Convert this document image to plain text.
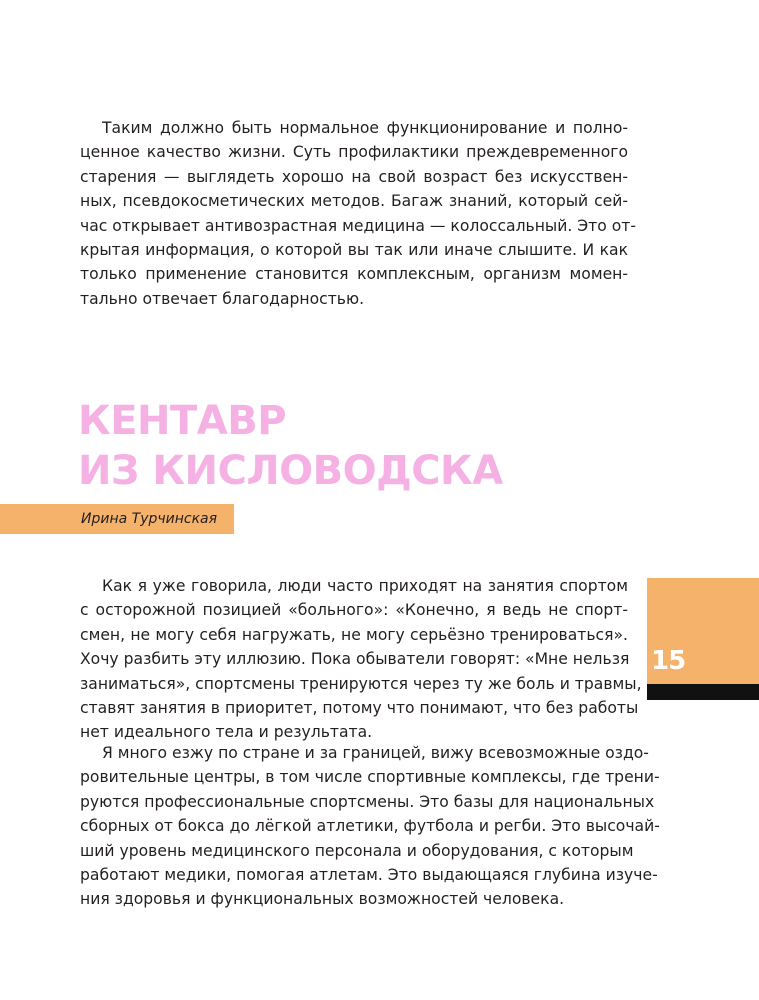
Таким должно быть нормальное функционирование и полно-
ценное качество жизни. Суть профилактики преждевременного
старения — выглядеть хорошо на свой возраст без искусствен-
ных, псевдокосметических методов. Багаж знаний, который сей-
час открывает антивозрастная медицина — колоссальный. Это от-
крытая информация, о которой вы так или иначе слышите. И как
только применение становится комплексным, организм момен-
тально отвечает благодарностью.
КЕНТАВР
ИЗ КИСЛОВОДСКА
Ирина Турчинская
Как я уже говорила, люди часто приходят на занятия спортом
с осторожной позицией «больного»: «Конечно, я ведь не спорт-
смен, не могу себя нагружать, не могу серьёзно тренироваться».
Хочу разбить эту иллюзию. Пока обыватели говорят: «Мне нельзя
заниматься», спортсмены тренируются через ту же боль и травмы,
ставят занятия в приоритет, потому что понимают, что без работы
нет идеального тела и результата.
Я много езжу по стране и за границей, вижу всевозможные оздо-
ровительные центры, в том числе спортивные комплексы, где трени-
руются профессиональные спортсмены. Это базы для национальных
сборных от бокса до лёгкой атлетики, футбола и регби. Это высочай-
ший уровень медицинского персонала и оборудования, с которым
работают медики, помогая атлетам. Это выдающаяся глубина изуче-
ния здоровья и функциональных возможностей человека.
15
